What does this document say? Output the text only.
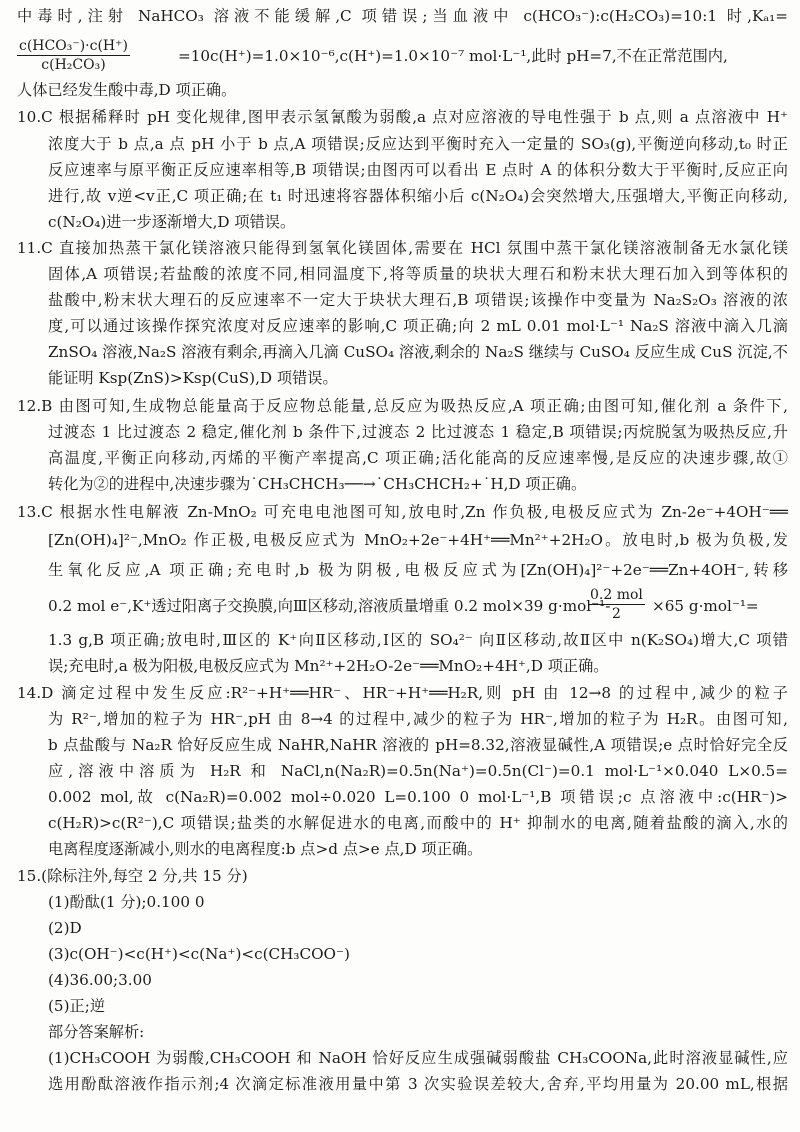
中毒时,注射 NaHCO₃ 溶液不能缓解,C 项错误;当血液中 c(HCO₃⁻):c(H₂CO₃)=10:1 时,Kₐ₁=
c(HCO₃⁻)·c(H⁺)
c(H₂CO₃)	=10c(H⁺)=1.0×10⁻⁶,c(H⁺)=1.0×10⁻⁷ mol·L⁻¹,此时 pH=7,不在正常范围内,
人体已经发生酸中毒,D 项正确。
10.C 根据稀释时 pH 变化规律,图甲表示氢氰酸为弱酸,a 点对应溶液的导电性强于 b 点,则 a 点溶液中 H⁺
浓度大于 b 点,a 点 pH 小于 b 点,A 项错误;反应达到平衡时充入一定量的 SO₃(g),平衡逆向移动,t₀ 时正
反应速率与原平衡正反应速率相等,B 项错误;由图丙可以看出 E 点时 A 的体积分数大于平衡时,反应正向
进行,故 v逆<v正,C 项正确;在 t₁ 时迅速将容器体积缩小后 c(N₂O₄)会突然增大,压强增大,平衡正向移动,
c(N₂O₄)进一步逐渐增大,D 项错误。
11.C 直接加热蒸干氯化镁溶液只能得到氢氧化镁固体,需要在 HCl 氛围中蒸干氯化镁溶液制备无水氯化镁
固体,A 项错误;若盐酸的浓度不同,相同温度下,将等质量的块状大理石和粉末状大理石加入到等体积的
盐酸中,粉末状大理石的反应速率不一定大于块状大理石,B 项错误;该操作中变量为 Na₂S₂O₃ 溶液的浓
度,可以通过该操作探究浓度对反应速率的影响,C 项正确;向 2 mL 0.01 mol·L⁻¹ Na₂S 溶液中滴入几滴
ZnSO₄ 溶液,Na₂S 溶液有剩余,再滴入几滴 CuSO₄ 溶液,剩余的 Na₂S 继续与 CuSO₄ 反应生成 CuS 沉淀,不
能证明 Ksp(ZnS)>Ksp(CuS),D 项错误。
12.B 由图可知,生成物总能量高于反应物总能量,总反应为吸热反应,A 项正确;由图可知,催化剂 a 条件下,
过渡态 1 比过渡态 2 稳定,催化剂 b 条件下,过渡态 2 比过渡态 1 稳定,B 项错误;丙烷脱氢为吸热反应,升
高温度,平衡正向移动,丙烯的平衡产率提高,C 项正确;活化能高的反应速率慢,是反应的决速步骤,故①
转化为②的进程中,决速步骤为˙CH₃CHCH₃──→˙CH₃CHCH₂+˙H,D 项正确。
13.C 根据水性电解液 Zn-MnO₂ 可充电电池图可知,放电时,Zn 作负极,电极反应式为 Zn-2e⁻+4OH⁻══
[Zn(OH)₄]²⁻,MnO₂ 作正极,电极反应式为 MnO₂+2e⁻+4H⁺══Mn²⁺+2H₂O。放电时,b 极为负极,发
生氧化反应,A 项正确;充电时,b 极为阴极,电极反应式为[Zn(OH)₄]²⁻+2e⁻══Zn+4OH⁻,转移
0.2 mol e⁻,K⁺透过阳离子交换膜,向Ⅲ区移动,溶液质量增重 0.2 mol×39 g·mol⁻¹-
0.2 mol
2	×65 g·mol⁻¹=
1.3 g,B 项正确;放电时,Ⅲ区的 K⁺向Ⅱ区移动,Ⅰ区的 SO₄²⁻ 向Ⅱ区移动,故Ⅱ区中 n(K₂SO₄)增大,C 项错
误;充电时,a 极为阳极,电极反应式为 Mn²⁺+2H₂O-2e⁻══MnO₂+4H⁺,D 项正确。
14.D 滴定过程中发生反应:R²⁻+H⁺══HR⁻、HR⁻+H⁺══H₂R,则 pH 由 12→8 的过程中,减少的粒子
为 R²⁻,增加的粒子为 HR⁻,pH 由 8→4 的过程中,减少的粒子为 HR⁻,增加的粒子为 H₂R。由图可知,
b 点盐酸与 Na₂R 恰好反应生成 NaHR,NaHR 溶液的 pH=8.32,溶液显碱性,A 项错误;e 点时恰好完全反
应,溶液中溶质为 H₂R 和 NaCl,n(Na₂R)=0.5n(Na⁺)=0.5n(Cl⁻)=0.1 mol·L⁻¹×0.040 L×0.5=
0.002 mol,故 c(Na₂R)=0.002 mol÷0.020 L=0.100 0 mol·L⁻¹,B 项错误;c 点溶液中:c(HR⁻)>
c(H₂R)>c(R²⁻),C 项错误;盐类的水解促进水的电离,而酸中的 H⁺ 抑制水的电离,随着盐酸的滴入,水的
电离程度逐渐减小,则水的电离程度:b 点>d 点>e 点,D 项正确。
15.(除标注外,每空 2 分,共 15 分)
(1)酚酞(1 分);0.100 0
(2)D
(3)c(OH⁻)<c(H⁺)<c(Na⁺)<c(CH₃COO⁻)
(4)36.00;3.00
(5)正;逆
部分答案解析:
(1)CH₃COOH 为弱酸,CH₃COOH 和 NaOH 恰好反应生成强碱弱酸盐 CH₃COONa,此时溶液显碱性,应
选用酚酞溶液作指示剂;4 次滴定标准液用量中第 3 次实验误差较大,舍弃,平均用量为 20.00 mL,根据
